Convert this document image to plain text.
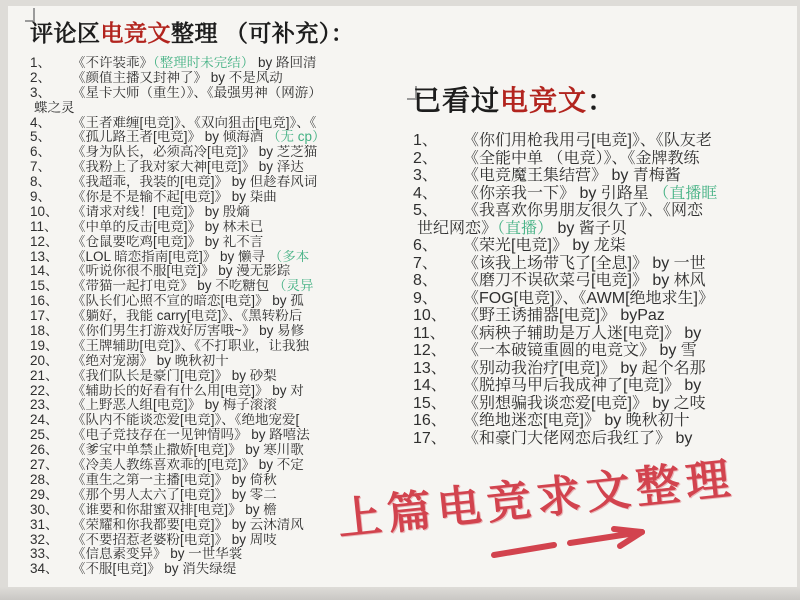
评论区电竞文整理 （可补充）：
1、	《不许装乖》（整理时未完结） by 路回清
2、	《颜值主播又封神了》 by 不是风动
3、	《星卡大师（重生）》、《最强男神（网游）
蝶之灵
4、	《王者难缠[电竞]》、《双向狙击[电竞]》、《
5、	《孤儿路王者[电竞]》 by 倾海酒 （无 cp）
6、	《身为队长，必须高冷[电竞]》 by 芝芝猫
7、	《我粉上了我对家大神[电竞]》 by 泽达
8、	《我超乖，我装的[电竞]》 by 但趁春风词
9、	《你是不是输不起[电竞]》 by 柒曲
10、 《请求对线！[电竞]》 by 殷熵
11、	《中单的反击[电竞]》 by 林未已
12、 《仓鼠要吃鸡[电竞]》 by 礼不言
13、 《LOL 暗恋指南[电竞]》 by 懒寻 （多本
14、 《听说你很不服[电竞]》 by 漫无影踪
15、 《带猫一起打电竞》 by 不吃糖包 （灵异
16、 《队长们心照不宣的暗恋[电竞]》 by 孤
17、 《躺好，我能 carry[电竞]》、《黑转粉后
18、 《你们男生打游戏好厉害哦~》 by 易修
19、 《王牌辅助[电竞]》、《不打职业，让我独
20、 《绝对宠溺》 by 晚秋初十
21、 《我们队长是豪门[电竞]》 by 砂梨
22、 《辅助长的好看有什么用[电竞]》 by 对
23、 《上野恶人组[电竞]》 by 梅子滚滚
24、 《队内不能谈恋爱[电竞]》、《绝地宠爱[
25、 《电子竞技存在一见钟情吗》 by 路嘻法
26、 《爹宝中单禁止撒娇[电竞]》 by 寒川歌
27、 《冷美人教练喜欢乖的[电竞]》 by 不定
28、 《重生之第一主播[电竞]》 by 倚秋
29、 《那个男人太六了[电竞]》 by 零二
30、 《谁要和你甜蜜双排[电竞]》 by 檐
31、 《荣耀和你我都要[电竞]》 by 云沐清风
32、 《不要招惹老婆粉[电竞]》 by 周吱
33、 《信息素变异》 by 一世华裳
34、 《不服[电竞]》 by 消失绿缇
已看过电竞文：
1、	《你们用枪我用弓[电竞]》、《队友老
2、	《全能中单 （电竞）》、《金牌教练
3、	《电竞魔王集结营》 by 青梅酱
4、	《你亲我一下》 by 引路星 （直播眶
5、	《我喜欢你男朋友很久了》、《网恋
世纪网恋》（直播） by 酱子贝
6、	《荣光[电竞]》 by 龙柒
7、	《该我上场带飞了[全息]》 by 一世
8、	《磨刀不误砍菜弓[电竞]》 by 林风
9、	《FOG[电竞]》、《AWM[绝地求生]》
10、	《野王诱捕器[电竞]》 byPaz
11、	《病秧子辅助是万人迷[电竞]》 by
12、	《一本破镜重圆的电竞文》 by 雪
13、	《别动我治疗[电竞]》 by 起个名那
14、	《脱掉马甲后我成神了[电竞]》 by
15、	《别想骗我谈恋爱[电竞]》 by 之吱
16、	《绝地迷恋[电竞]》 by 晚秋初十
17、	《和豪门大佬网恋后我红了》 by
上篇电竞求文整理
